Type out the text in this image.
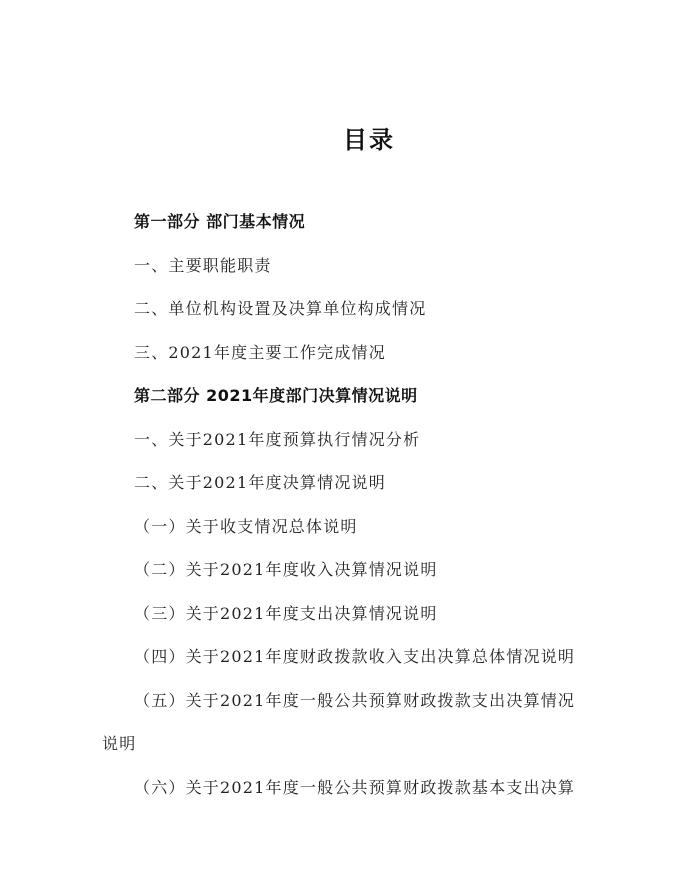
目录
第一部分 部门基本情况
一、主要职能职责
二、单位机构设置及决算单位构成情况
三、2021年度主要工作完成情况
第二部分 2021年度部门决算情况说明
一、关于2021年度预算执行情况分析
二、关于2021年度决算情况说明
（一）关于收支情况总体说明
（二）关于2021年度收入决算情况说明
（三）关于2021年度支出决算情况说明
（四）关于2021年度财政拨款收入支出决算总体情况说明
（五）关于2021年度一般公共预算财政拨款支出决算情况说明
（六）关于2021年度一般公共预算财政拨款基本支出决算
